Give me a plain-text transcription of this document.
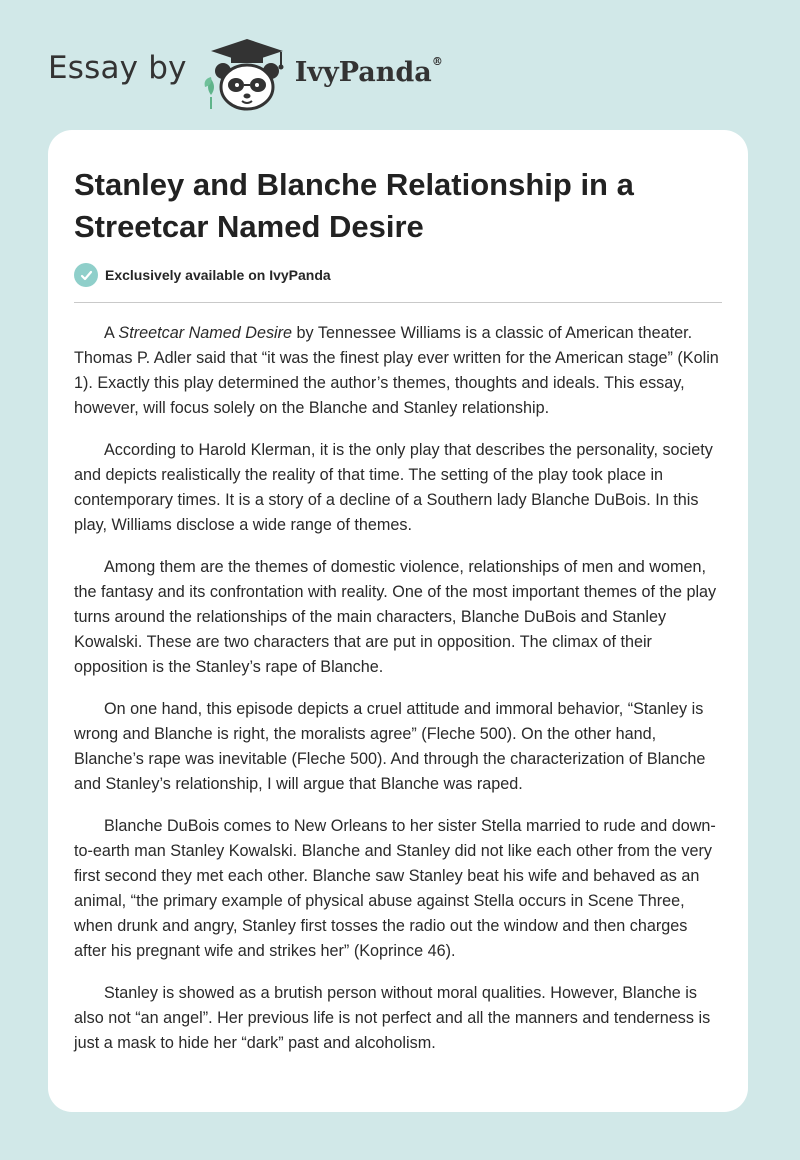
Essay by	IvyPanda®
Stanley and Blanche Relationship in a Streetcar Named Desire
Exclusively available on IvyPanda

A Streetcar Named Desire by Tennessee Williams is a classic of American theater. Thomas P. Adler said that “it was the finest play ever written for the American stage” (Kolin 1). Exactly this play determined the author’s themes, thoughts and ideals. This essay, however, will focus solely on the Blanche and Stanley relationship.

According to Harold Klerman, it is the only play that describes the personality, society and depicts realistically the reality of that time. The setting of the play took place in contemporary times. It is a story of a decline of a Southern lady Blanche DuBois. In this play, Williams disclose a wide range of themes.

Among them are the themes of domestic violence, relationships of men and women, the fantasy and its confrontation with reality. One of the most important themes of the play turns around the relationships of the main characters, Blanche DuBois and Stanley Kowalski. These are two characters that are put in opposition. The climax of their opposition is the Stanley’s rape of Blanche.

On one hand, this episode depicts a cruel attitude and immoral behavior, “Stanley is wrong and Blanche is right, the moralists agree” (Fleche 500). On the other hand, Blanche’s rape was inevitable (Fleche 500). And through the characterization of Blanche and Stanley’s relationship, I will argue that Blanche was raped.

Blanche DuBois comes to New Orleans to her sister Stella married to rude and down-to-earth man Stanley Kowalski. Blanche and Stanley did not like each other from the very first second they met each other. Blanche saw Stanley beat his wife and behaved as an animal, “the primary example of physical abuse against Stella occurs in Scene Three, when drunk and angry, Stanley first tosses the radio out the window and then charges after his pregnant wife and strikes her” (Koprince 46).

Stanley is showed as a brutish person without moral qualities. However, Blanche is also not “an angel”. Her previous life is not perfect and all the manners and tenderness is just a mask to hide her “dark” past and alcoholism.
